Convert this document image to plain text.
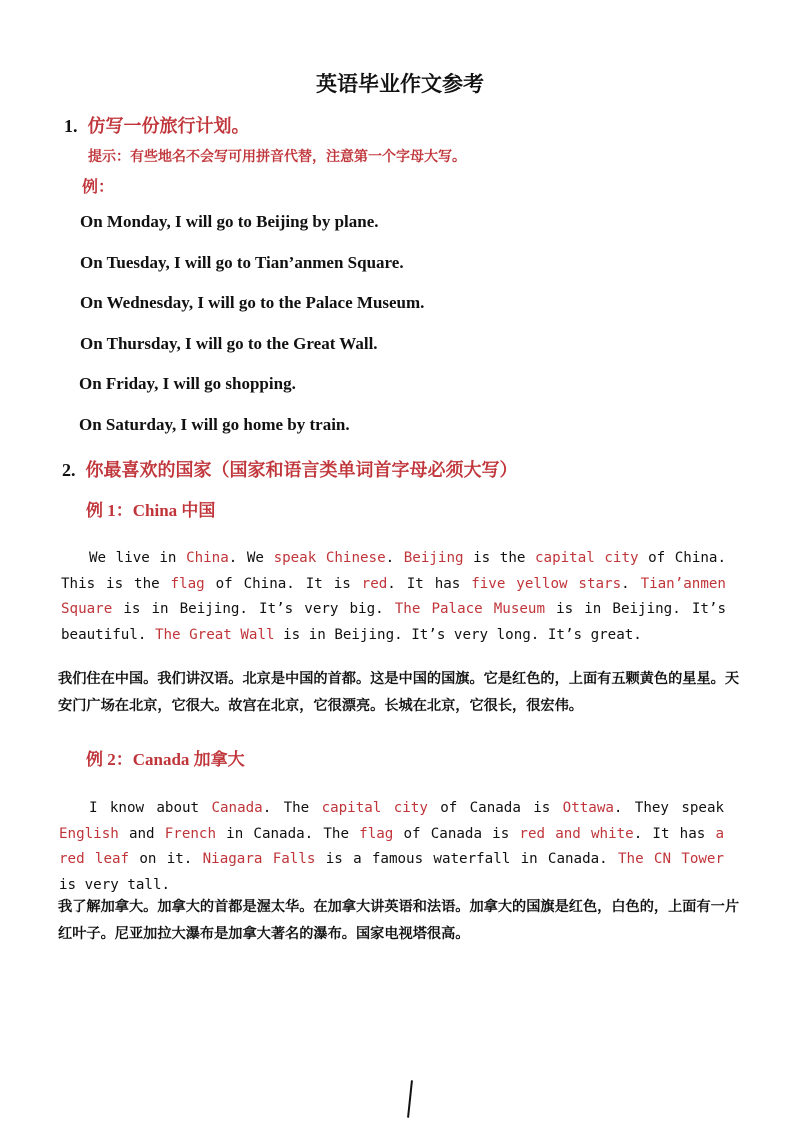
英语毕业作文参考
1. 仿写一份旅行计划。
提示：有些地名不会写可用拼音代替，注意第一个字母大写。
例：
On Monday, I will go to Beijing by plane.
On Tuesday, I will go to Tian’anmen Square.
On Wednesday, I will go to the Palace Museum.
On Thursday, I will go to the Great Wall.
On Friday, I will go shopping.
On Saturday, I will go home by train.
2. 你最喜欢的国家（国家和语言类单词首字母必须大写）
例 1：China 中国
We live in China. We speak Chinese. Beijing is the capital city of China. This is the flag of China. It is red. It has five yellow stars. Tian’anmen Square is in Beijing. It’s very big. The Palace Museum is in Beijing. It’s beautiful. The Great Wall is in Beijing. It’s very long. It’s great.
我们住在中国。我们讲汉语。北京是中国的首都。这是中国的国旗。它是红色的，上面有五颗黄色的星星。天安门广场在北京，它很大。故宫在北京，它很漂亮。长城在北京，它很长，很宏伟。
例 2：Canada 加拿大
I know about Canada. The capital city of Canada is Ottawa. They speak English and French in Canada. The flag of Canada is red and white. It has a red leaf on it. Niagara Falls is a famous waterfall in Canada. The CN Tower is very tall.
我了解加拿大。加拿大的首都是渥太华。在加拿大讲英语和法语。加拿大的国旗是红色，白色的，上面有一片红叶子。尼亚加拉大瀑布是加拿大著名的瀑布。国家电视塔很高。
